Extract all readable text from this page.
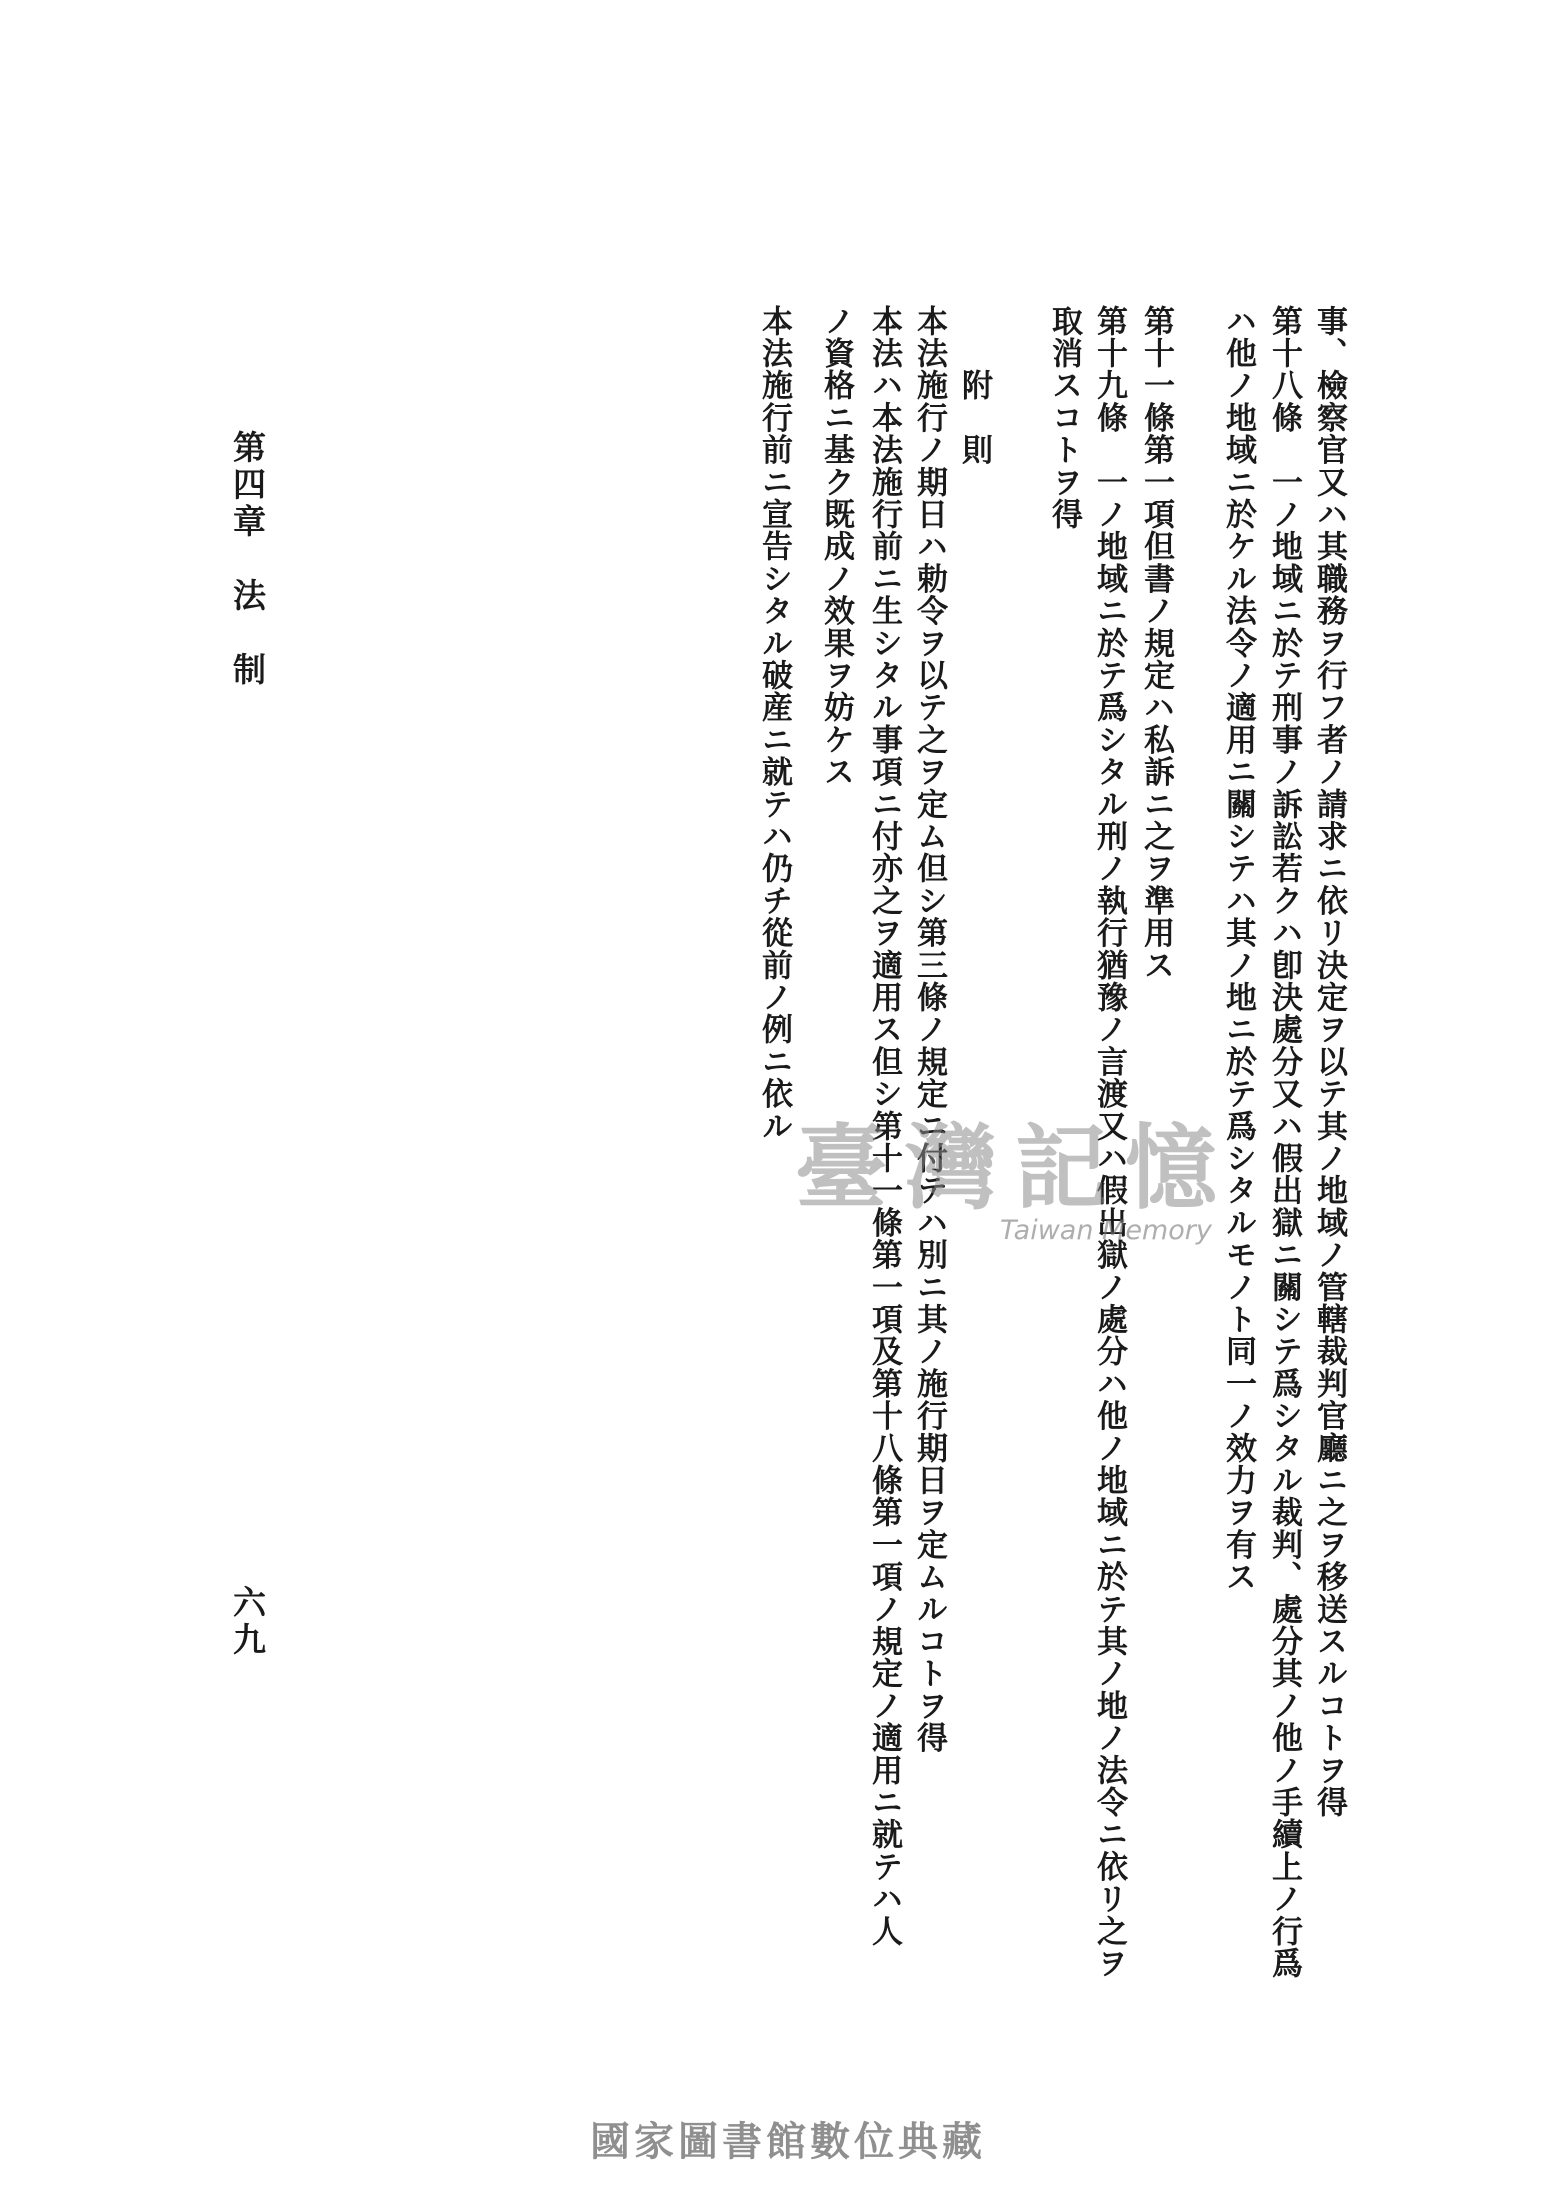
事、檢察官又ハ其職務ヲ行フ者ノ請求ニ依リ決定ヲ以テ其ノ地域ノ管轄裁判官廳ニ之ヲ移送スルコトヲ得
第十八條　一ノ地域ニ於テ刑事ノ訴訟若クハ卽決處分又ハ假出獄ニ關シテ爲シタル裁判、處分其ノ他ノ手續上ノ行爲
ハ他ノ地域ニ於ケル法令ノ適用ニ關シテハ其ノ地ニ於テ爲シタルモノト同一ノ效力ヲ有ス
第十一條第一項但書ノ規定ハ私訴ニ之ヲ準用ス
第十九條　一ノ地域ニ於テ爲シタル刑ノ執行猶豫ノ言渡又ハ假出獄ノ處分ハ他ノ地域ニ於テ其ノ地ノ法令ニ依リ之ヲ
取消スコトヲ得
　　附　則
本法施行ノ期日ハ勅令ヲ以テ之ヲ定ム但シ第三條ノ規定ニ付テハ別ニ其ノ施行期日ヲ定ムルコトヲ得
本法ハ本法施行前ニ生シタル事項ニ付亦之ヲ適用ス但シ第十一條第一項及第十八條第一項ノ規定ノ適用ニ就テハ人
ノ資格ニ基ク既成ノ效果ヲ妨ケス
本法施行前ニ宣告シタル破産ニ就テハ仍チ從前ノ例ニ依ル
第四章　法　制
六九
臺灣記憶
Taiwan Memory
國家圖書館數位典藏
